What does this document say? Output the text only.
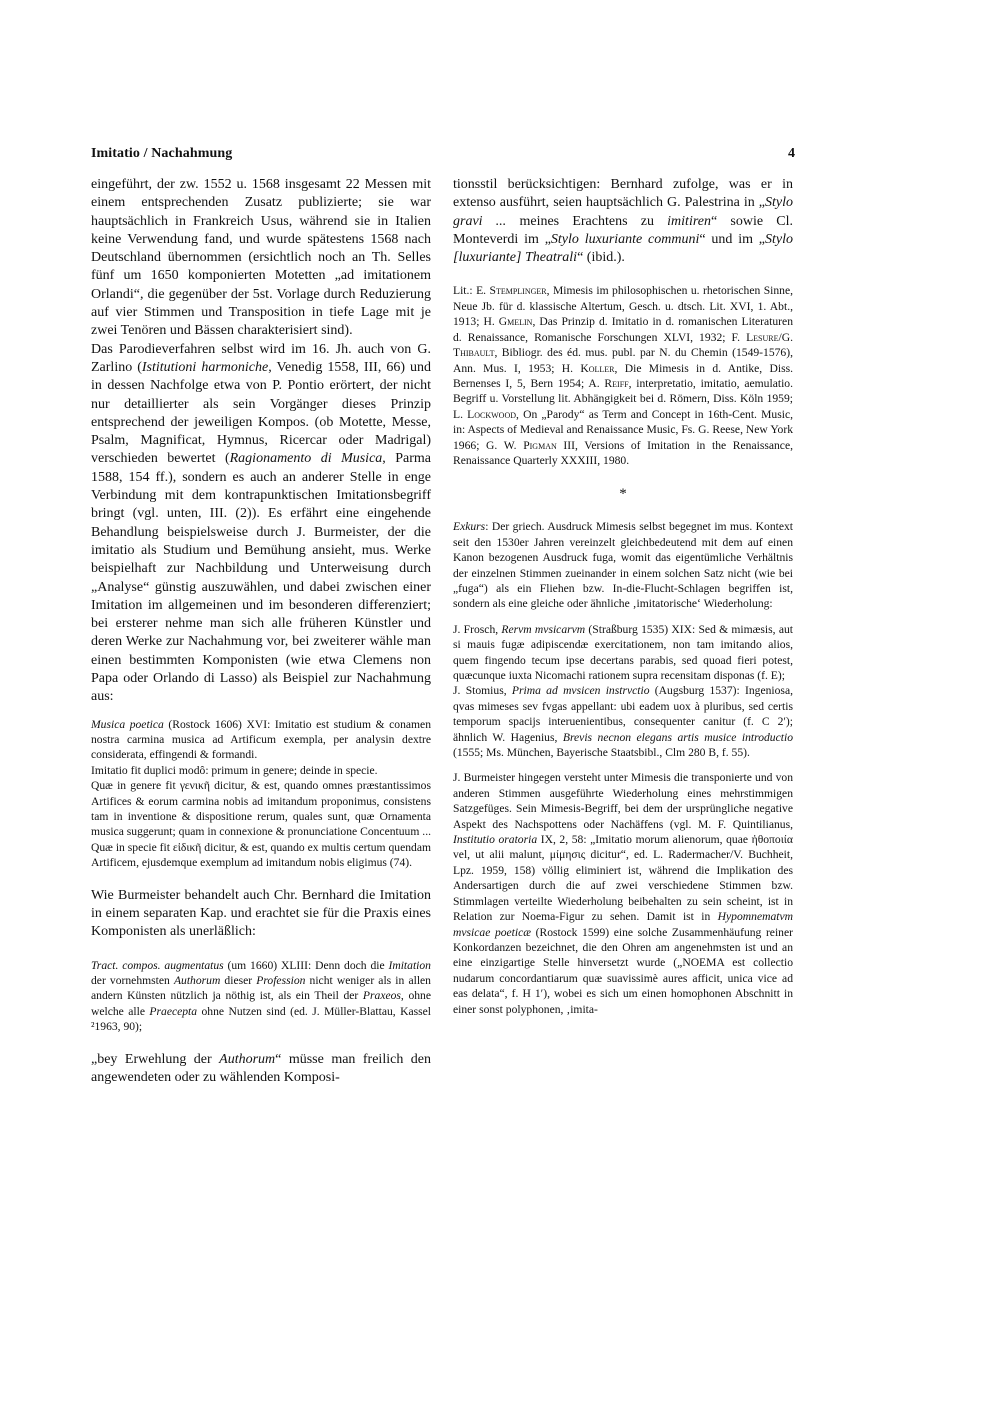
Imitatio / Nachahmung	4

eingeführt, der zw. 1552 u. 1568 insgesamt 22 Messen mit einem entsprechenden Zusatz publizierte; sie war hauptsächlich in Frankreich Usus, während sie in Italien keine Verwendung fand, und wurde spätestens 1568 nach Deutschland übernommen (ersichtlich noch an Th. Selles fünf um 1650 komponierten Motetten „ad imitationem Orlandi“, die gegenüber der 5st. Vorlage durch Reduzierung auf vier Stimmen und Transposition in tiefe Lage mit je zwei Tenören und Bässen charakterisiert sind).

Das Parodieverfahren selbst wird im 16. Jh. auch von G. Zarlino (Istitutioni harmoniche, Venedig 1558, III, 66) und in dessen Nachfolge etwa von P. Pontio erörtert, der nicht nur detaillierter als sein Vorgänger dieses Prinzip entsprechend der jeweiligen Kompos. (ob Motette, Messe, Psalm, Magnificat, Hymnus, Ricercar oder Madrigal) verschieden bewertet (Ragionamento di Musica, Parma 1588, 154 ff.), sondern es auch an anderer Stelle in enge Verbindung mit dem kontrapunktischen Imitationsbegriff bringt (vgl. unten, III. (2)). Es erfährt eine eingehende Behandlung beispielsweise durch J. Burmeister, der die imitatio als Studium und Bemühung ansieht, mus. Werke beispielhaft zur Nachbildung und Unterweisung durch „Analyse“ günstig auszuwählen, und dabei zwischen einer Imitation im allgemeinen und im besonderen differenziert; bei ersterer nehme man sich alle früheren Künstler und deren Werke zur Nachahmung vor, bei zweiterer wähle man einen bestimmten Komponisten (wie etwa Clemens non Papa oder Orlando di Lasso) als Beispiel zur Nachahmung aus:

Musica poetica (Rostock 1606) XVI: Imitatio est studium & conamen nostra carmina musica ad Artificum exempla, per analysin dextre considerata, effingendi & formandi.

Imitatio fit duplici modô: primum in genere; deinde in specie.

Quæ in genere fit γενικῆ dicitur, & est, quando omnes præstantissimos Artifices & eorum carmina nobis ad imitandum proponimus, consistens tam in inventione & dispositione rerum, quales sunt, quæ Ornamenta musica suggerunt; quam in connexione & pronunciatione Concentuum ... Quæ in specie fit εἰδικῆ dicitur, & est, quando ex multis certum quendam Artificem, ejusdemque exemplum ad imitandum nobis eligimus (74).

Wie Burmeister behandelt auch Chr. Bernhard die Imitation in einem separaten Kap. und erachtet sie für die Praxis eines Komponisten als unerläßlich:

Tract. compos. augmentatus (um 1660) XLIII: Denn doch die Imitation der vornehmsten Authorum dieser Profession nicht weniger als in allen andern Künsten nützlich ja nöthig ist, als ein Theil der Praxeos, ohne welche alle Praecepta ohne Nutzen sind (ed. J. Müller-Blattau, Kassel ²1963, 90);

„bey Erwehlung der Authorum“ müsse man freilich den angewendeten oder zu wählenden Komposi-

tionsstil berücksichtigen: Bernhard zufolge, was er in extenso ausführt, seien hauptsächlich G. Palestrina in „Stylo gravi ... meines Erachtens zu imitiren“ sowie Cl. Monteverdi im „Stylo luxuriante communi“ und im „Stylo [luxuriante] Theatrali“ (ibid.).

Lit.: E. Stemplinger, Mimesis im philosophischen u. rhetorischen Sinne, Neue Jb. für d. klassische Altertum, Gesch. u. dtsch. Lit. XVI, 1. Abt., 1913; H. Gmelin, Das Prinzip d. Imitatio in d. romanischen Literaturen d. Renaissance, Romanische Forschungen XLVI, 1932; F. Lesure/G. Thibault, Bibliogr. des éd. mus. publ. par N. du Chemin (1549-1576), Ann. Mus. I, 1953; H. Koller, Die Mimesis in d. Antike, Diss. Bernenses I, 5, Bern 1954; A. Reiff, interpretatio, imitatio, aemulatio. Begriff u. Vorstellung lit. Abhängigkeit bei d. Römern, Diss. Köln 1959; L. Lockwood, On „Parody“ as Term and Concept in 16th-Cent. Music, in: Aspects of Medieval and Renaissance Music, Fs. G. Reese, New York 1966; G. W. Pigman III, Versions of Imitation in the Renaissance, Renaissance Quarterly XXXIII, 1980.

*

Exkurs: Der griech. Ausdruck Mimesis selbst begegnet im mus. Kontext seit den 1530er Jahren vereinzelt gleichbedeutend mit dem auf einen Kanon bezogenen Ausdruck fuga, womit das eigentümliche Verhältnis der einzelnen Stimmen zueinander in einem solchen Satz nicht (wie bei „fuga“) als ein Fliehen bzw. In-die-Flucht-Schlagen begriffen ist, sondern als eine gleiche oder ähnliche ‚imitatorische‘ Wiederholung:

J. Frosch, Rervm mvsicarvm (Straßburg 1535) XIX: Sed & mimæsis, aut si mauis fugæ adipiscendæ exercitationem, non tam imitando alios, quem fingendo tecum ipse decertans parabis, sed quoad fieri potest, quæcunque iuxta Nicomachi rationem supra recensitam disponas (f. E);

J. Stomius, Prima ad mvsicen instrvctio (Augsburg 1537): Ingeniosa, qvas mimeses sev fvgas appellant: ubi eadem uox à pluribus, sed certis temporum spacijs interuenientibus, consequenter canitur (f. C 2′); ähnlich W. Hagenius, Brevis necnon elegans artis musice introductio (1555; Ms. München, Bayerische Staatsbibl., Clm 280 B, f. 55).

J. Burmeister hingegen versteht unter Mimesis die transponierte und von anderen Stimmen ausgeführte Wiederholung eines mehrstimmigen Satzgefüges. Sein Mimesis-Begriff, bei dem der ursprüngliche negative Aspekt des Nachspottens oder Nachäffens (vgl. M. F. Quintilianus, Institutio oratoria IX, 2, 58: „Imitatio morum alienorum, quae ἠθοποιία vel, ut alii malunt, μίμησις dicitur“, ed. L. Radermacher/V. Buchheit, Lpz. 1959, 158) völlig eliminiert ist, während die Implikation des Andersartigen durch die auf zwei verschiedene Stimmen bzw. Stimmlagen verteilte Wiederholung beibehalten zu sein scheint, ist in Relation zur Noema-Figur zu sehen. Damit ist in Hypomnematvm mvsicae poeticæ (Rostock 1599) eine solche Zusammenhäufung reiner Konkordanzen bezeichnet, die den Ohren am angenehmsten ist und an eine einzigartige Stelle hinversetzt wurde („NOEMA est collectio nudarum concordantiarum quæ suavissimè aures afficit, unica vice ad eas delata“, f. H 1′), wobei es sich um einen homophonen Abschnitt in einer sonst polyphonen, ‚imita-
